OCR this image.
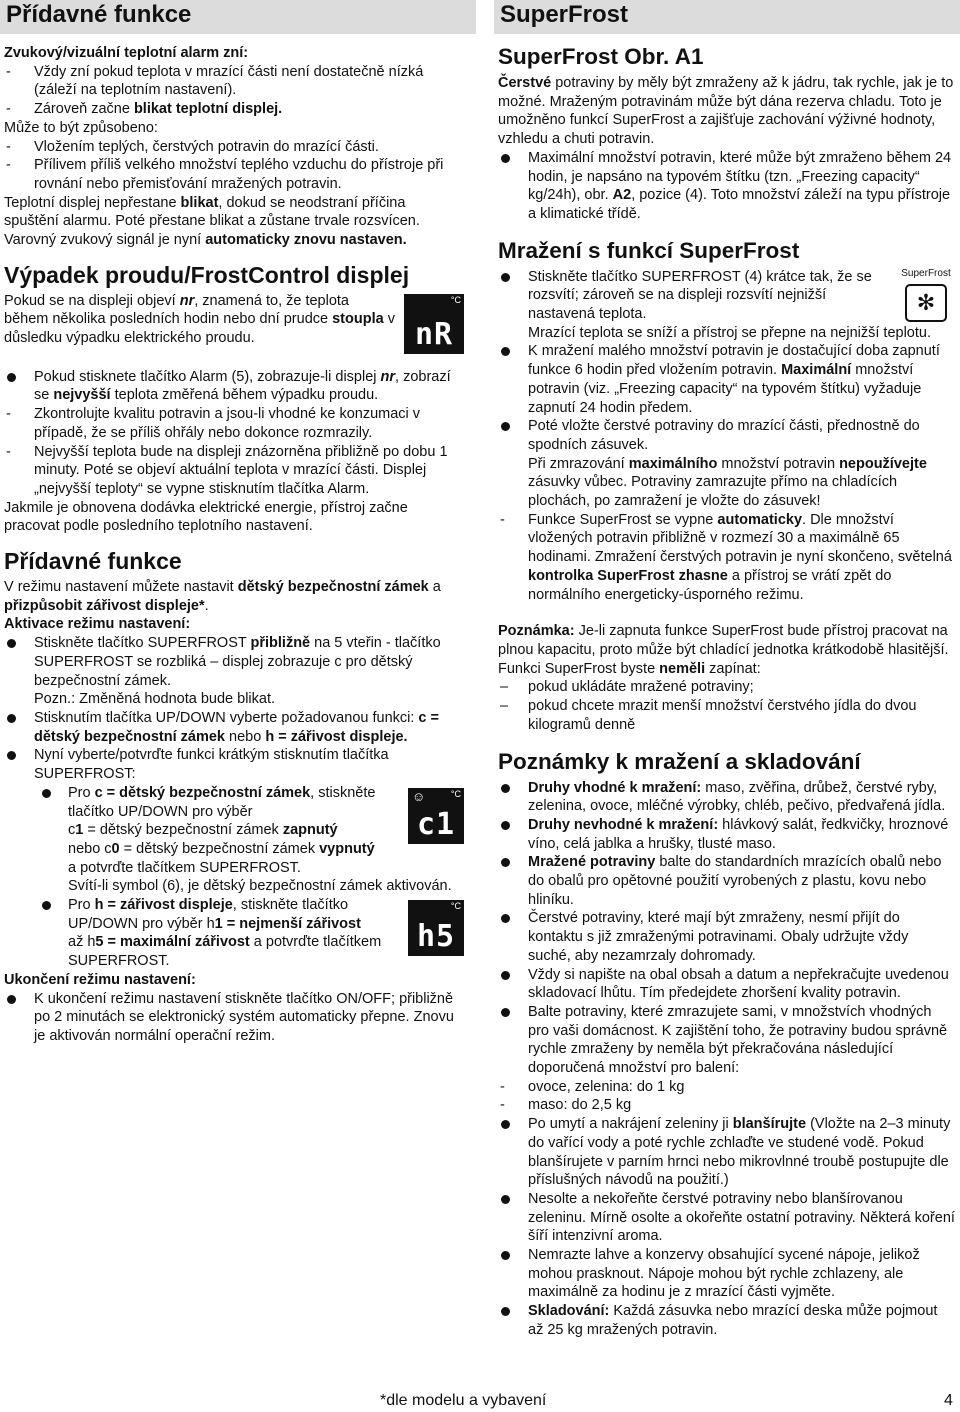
Přídavné funkce	SuperFrost

Zvukový/vizuální teplotní alarm zní:

- Vždy zní pokud teplota v mrazící části není dostatečně nízká (záleží na teplotním nastavení).

- Zároveň začne blikat teplotní displej.

Může to být způsobeno:

- Vložením teplých, čerstvých potravin do mrazící části.

- Přílivem příliš velkého množství teplého vzduchu do přístroje při rovnání nebo přemisťování mražených potravin.

Teplotní displej nepřestane blikat, dokud se neodstraní příčina spuštění alarmu. Poté přestane blikat a zůstane trvale rozsvícen. Varovný zvukový signál je nyní automaticky znovu nastaven.

Výpadek proudu/FrostControl displej

°C
nR

Pokud se na displeji objeví nr, znamená to, že teplota během několika posledních hodin nebo dní prudce stoupla v důsledku výpadku elektrického proudu.

Pokud stisknete tlačítko Alarm (5), zobrazuje-li displej nr, zobrazí se nejvyšší teplota změřená během výpadku proudu.

- Zkontrolujte kvalitu potravin a jsou-li vhodné ke konzumaci v případě, že se příliš ohřály nebo dokonce rozmrazily.

- Nejvyšší teplota bude na displeji znázorněna přibližně po dobu 1 minuty. Poté se objeví aktuální teplota v mrazící části. Displej „nejvyšší teploty“ se vypne stisknutím tlačítka Alarm.

Jakmile je obnovena dodávka elektrické energie, přístroj začne pracovat podle posledního teplotního nastavení.

Přídavné funkce

V režimu nastavení můžete nastavit dětský bezpečnostní zámek a přizpůsobit zářivost displeje*.

Aktivace režimu nastavení:

Stiskněte tlačítko SUPERFROST přibližně na 5 vteřin - tlačítko SUPERFROST se rozbliká – displej zobrazuje c pro dětský bezpečnostní zámek.
Pozn.: Změněná hodnota bude blikat.

Stisknutím tlačítka UP/DOWN vyberte požadovanou funkci: c = dětský bezpečnostní zámek nebo h = zářivost displeje.

Nyní vyberte/potvrďte funkci krátkým stisknutím tlačítka SUPERFROST:

☺	°C
c1

Pro c = dětský bezpečnostní zámek, stiskněte tlačítko UP/DOWN pro výběr

c1 = dětský bezpečnostní zámek zapnutý

nebo c0 = dětský bezpečnostní zámek vypnutý

a potvrďte tlačítkem SUPERFROST.

Svítí-li symbol (6), je dětský bezpečnostní zámek aktivován.

°C
h5

Pro h = zářivost displeje, stiskněte tlačítko UP/DOWN pro výběr h1 = nejmenší zářivost
až h5 = maximální zářivost a potvrďte tlačítkem SUPERFROST.

Ukončení režimu nastavení:

K ukončení režimu nastavení stiskněte tlačítko ON/OFF; přibližně po 2 minutách se elektronický systém automaticky přepne. Znovu je aktivován normální operační režim.

SuperFrost Obr. A1

Čerstvé potraviny by měly být zmraženy až k jádru, tak rychle, jak je to možné. Mraženým potravinám může být dána rezerva chladu. Toto je umožněno funkcí SuperFrost a zajišťuje zachování výživné hodnoty, vzhledu a chuti potravin.

Maximální množství potravin, které může být zmraženo během 24 hodin, je napsáno na typovém štítku (tzn. „Freezing capacity“ kg/24h), obr. A2, pozice (4). Toto množství záleží na typu přístroje a klimatické třídě.

Mražení s funkcí SuperFrost

SuperFrost
✻

Stiskněte tlačítko SUPERFROST (4) krátce tak, že se rozsvítí; zároveň se na displeji rozsvítí nejnižší nastavená teplota.
Mrazící teplota se sníží a přístroj se přepne na nejnižší teplotu.

K mražení malého množství potravin je dostačující doba zapnutí funkce 6 hodin před vložením potravin. Maximální množství potravin (viz. „Freezing capacity“ na typovém štítku) vyžaduje zapnutí 24 hodin předem.

Poté vložte čerstvé potraviny do mrazící části, přednostně do spodních zásuvek.
Při zmrazování maximálního množství potravin nepoužívejte zásuvky vůbec. Potraviny zamrazujte přímo na chladících plochách, po zamražení je vložte do zásuvek!

- Funkce SuperFrost se vypne automaticky. Dle množství vložených potravin přibližně v rozmezí 30 a maximálně 65 hodinami. Zmražení čerstvých potravin je nyní skončeno, světelná kontrolka SuperFrost zhasne a přístroj se vrátí zpět do normálního energeticky-úsporného režimu.

Poznámka: Je-li zapnuta funkce SuperFrost bude přístroj pracovat na plnou kapacitu, proto může být chladící jednotka krátkodobě hlasitější.

Funkci SuperFrost byste neměli zapínat:

– pokud ukládáte mražené potraviny;

– pokud chcete mrazit menší množství čerstvého jídla do dvou kilogramů denně

Poznámky k mražení a skladování

Druhy vhodné k mražení: maso, zvěřina, drůbež, čerstvé ryby, zelenina, ovoce, mléčné výrobky, chléb, pečivo, předvařená jídla.

Druhy nevhodné k mražení: hlávkový salát, ředkvičky, hroznové víno, celá jablka a hrušky, tlusté maso.

Mražené potraviny balte do standardních mrazících obalů nebo do obalů pro opětovné použití vyrobených z plastu, kovu nebo hliníku.

Čerstvé potraviny, které mají být zmraženy, nesmí přijít do kontaktu s již zmraženými potravinami. Obaly udržujte vždy suché, aby nezamrzaly dohromady.

Vždy si napište na obal obsah a datum a nepřekračujte uvedenou skladovací lhůtu. Tím předejdete zhoršení kvality potravin.

Balte potraviny, které zmrazujete sami, v množstvích vhodných pro vaši domácnost. K zajištění toho, že potraviny budou správně rychle zmraženy by neměla být překračována následující doporučená množství pro balení:

- ovoce, zelenina: do 1 kg

- maso: do 2,5 kg

Po umytí a nakrájení zeleniny ji blanšírujte (Vložte na 2–3 minuty do vařící vody a poté rychle zchlaďte ve studené vodě. Pokud blanšírujete v parním hrnci nebo mikrovlnné troubě postupujte dle příslušných návodů na použití.)

Nesolte a nekořeňte čerstvé potraviny nebo blanšírovanou zeleninu. Mírně osolte a okořeňte ostatní potraviny. Některá koření šíří intenzivní aroma.

Nemrazte lahve a konzervy obsahující sycené nápoje, jelikož mohou prasknout. Nápoje mohou být rychle zchlazeny, ale maximálně za hodinu je z mrazící části vyjměte.

Skladování: Každá zásuvka nebo mrazící deska může pojmout až 25 kg mražených potravin.

*dle modelu a vybavení	4
